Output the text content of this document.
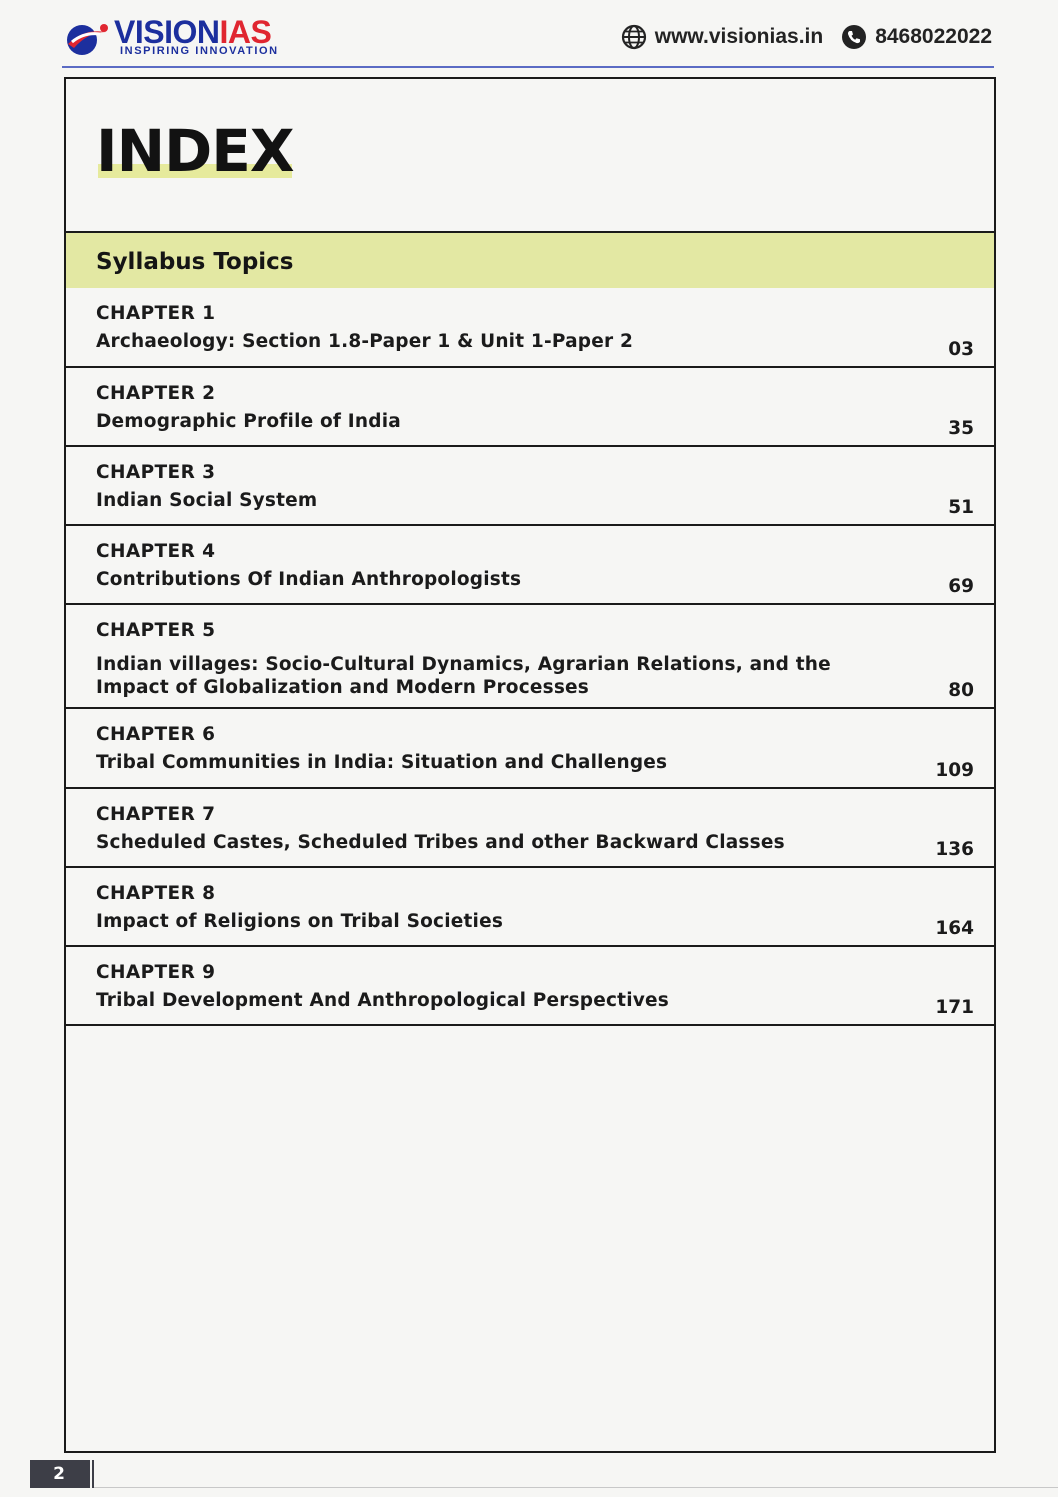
VISIONIAS
INSPIRING INNOVATION
www.visionias.in 8468022022
INDEX
Syllabus Topics
CHAPTER 1
Archaeology: Section 1.8-Paper 1 & Unit 1-Paper 2	03
CHAPTER 2
Demographic Profile of India	35
CHAPTER 3
Indian Social System	51
CHAPTER 4
Contributions Of Indian Anthropologists	69
CHAPTER 5
Indian villages: Socio-Cultural Dynamics, Agrarian Relations, and the Impact of Globalization and Modern Processes	80
CHAPTER 6
Tribal Communities in India: Situation and Challenges	109
CHAPTER 7
Scheduled Castes, Scheduled Tribes and other Backward Classes	136
CHAPTER 8
Impact of Religions on Tribal Societies	164
CHAPTER 9
Tribal Development And Anthropological Perspectives	171
2
